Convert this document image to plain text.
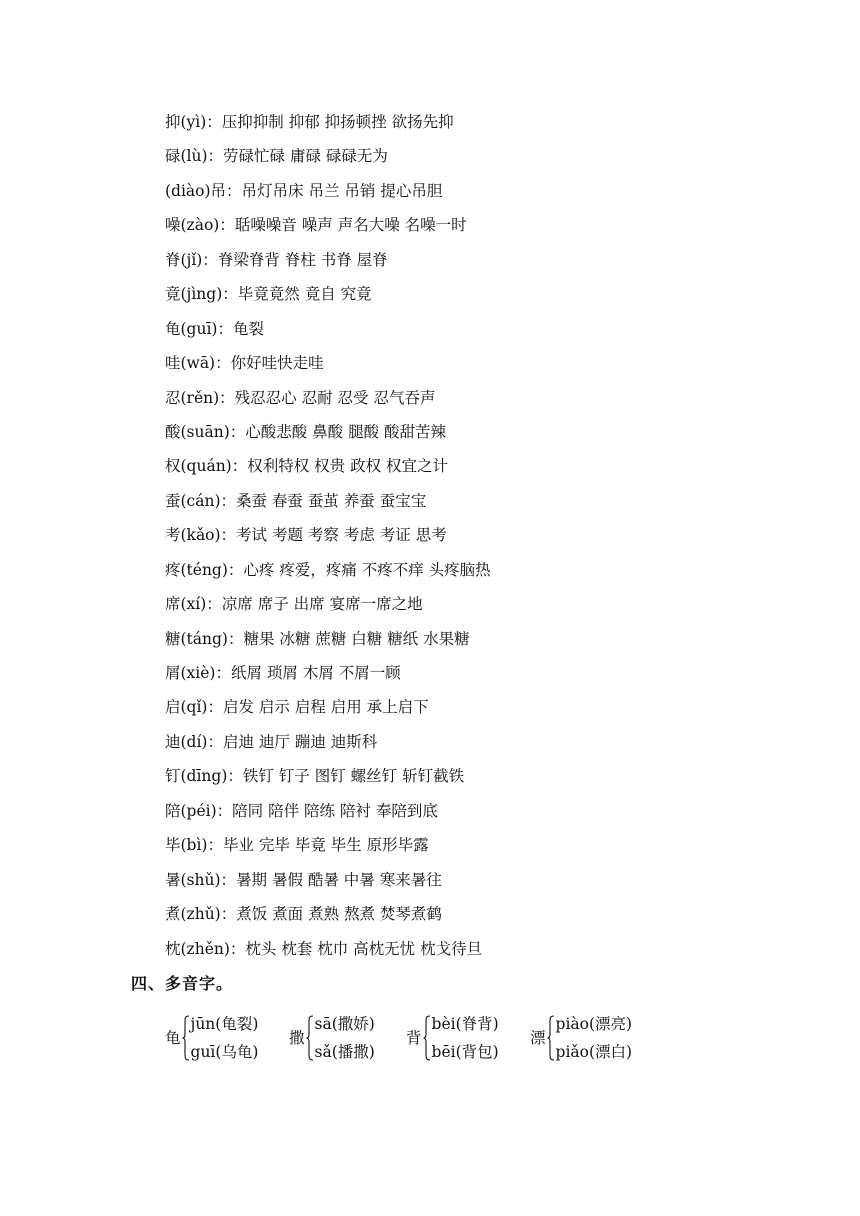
抑(yì)：压抑抑制 抑郁 抑扬顿挫 欲扬先抑
碌(lù)：劳碌忙碌 庸碌 碌碌无为
(diào)吊：吊灯吊床 吊兰 吊销 提心吊胆
噪(zào)：聒噪噪音 噪声 声名大噪 名噪一时
脊(jǐ)：脊梁脊背 脊柱 书脊 屋脊
竟(jìng)：毕竟竟然 竟自 究竟
龟(guī)：龟裂
哇(wā)：你好哇快走哇
忍(rěn)：残忍忍心 忍耐 忍受 忍气吞声
酸(suān)：心酸悲酸 鼻酸 腿酸 酸甜苦辣
权(quán)：权利特权 权贵 政权 权宜之计
蚕(cán)：桑蚕 春蚕 蚕茧 养蚕 蚕宝宝
考(kǎo)：考试 考题 考察 考虑 考证 思考
疼(téng)：心疼 疼爱，疼痛 不疼不痒 头疼脑热
席(xí)：凉席 席子 出席 宴席一席之地
糖(táng)：糖果 冰糖 蔗糖 白糖 糖纸 水果糖
屑(xiè)：纸屑 琐屑 木屑 不屑一顾
启(qǐ)：启发 启示 启程 启用 承上启下
迪(dí)：启迪 迪厅 蹦迪 迪斯科
钉(dīng)：铁钉 钉子 图钉 螺丝钉 斩钉截铁
陪(péi)：陪同 陪伴 陪练 陪衬 奉陪到底
毕(bì)：毕业 完毕 毕竟 毕生 原形毕露
暑(shǔ)：暑期 暑假 酷暑 中暑 寒来暑往
煮(zhǔ)：煮饭 煮面 煮熟 熬煮 焚琴煮鹤
枕(zhěn)：枕头 枕套 枕巾 高枕无忧 枕戈待旦
四、多音字。
龟
jūn(龟裂)
guī(乌龟)
撒
sā(撒娇)
sǎ(播撒)
背
bèi(脊背)
bēi(背包)
漂
piào(漂亮)
piǎo(漂白)
